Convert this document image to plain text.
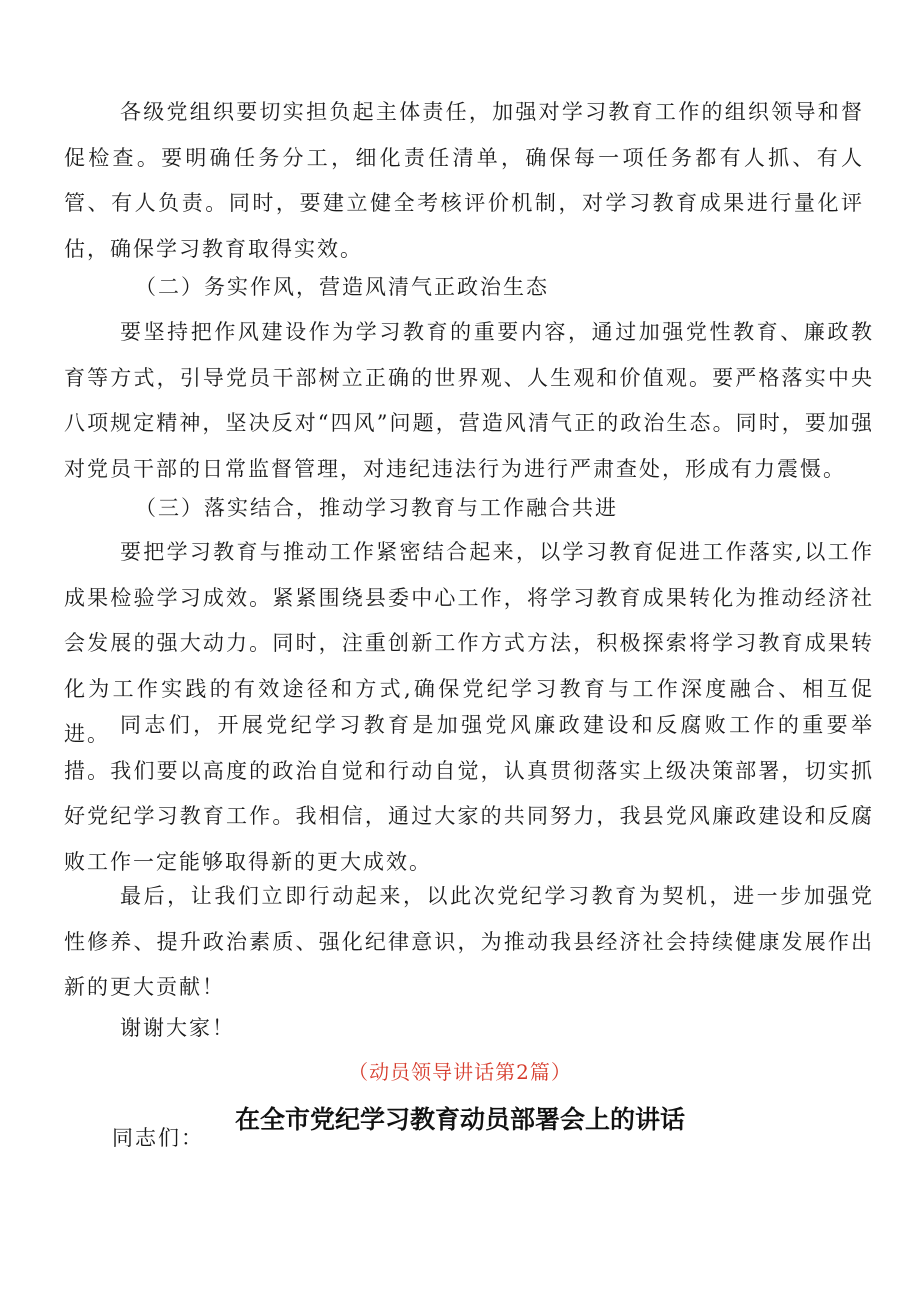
各级党组织要切实担负起主体责任，加强对学习教育工作的组织领导和督促检查。要明确任务分工，细化责任清单，确保每一项任务都有人抓、有人管、有人负责。同时，要建立健全考核评价机制，对学习教育成果进行量化评估，确保学习教育取得实效。

（二）务实作风，营造风清气正政治生态

要坚持把作风建设作为学习教育的重要内容，通过加强党性教育、廉政教育等方式，引导党员干部树立正确的世界观、人生观和价值观。要严格落实中央八项规定精神，坚决反对“四风”问题，营造风清气正的政治生态。同时，要加强对党员干部的日常监督管理，对违纪违法行为进行严肃查处，形成有力震慑。

（三）落实结合，推动学习教育与工作融合共进

要把学习教育与推动工作紧密结合起来，以学习教育促进工作落实,以工作成果检验学习成效。紧紧围绕县委中心工作，将学习教育成果转化为推动经济社会发展的强大动力。同时，注重创新工作方式方法，积极探索将学习教育成果转化为工作实践的有效途径和方式,确保党纪学习教育与工作深度融合、相互促进。 同志们，开展党纪学习教育是加强党风廉政建设和反腐败工作的重要举措。我们要以高度的政治自觉和行动自觉，认真贯彻落实上级决策部署，切实抓好党纪学习教育工作。我相信，通过大家的共同努力，我县党风廉政建设和反腐败工作一定能够取得新的更大成效。

最后，让我们立即行动起来，以此次党纪学习教育为契机，进一步加强党性修养、提升政治素质、强化纪律意识，为推动我县经济社会持续健康发展作出新的更大贡献！

谢谢大家！

（动员领导讲话第2篇）

在全市党纪学习教育动员部署会上的讲话

同志们：
